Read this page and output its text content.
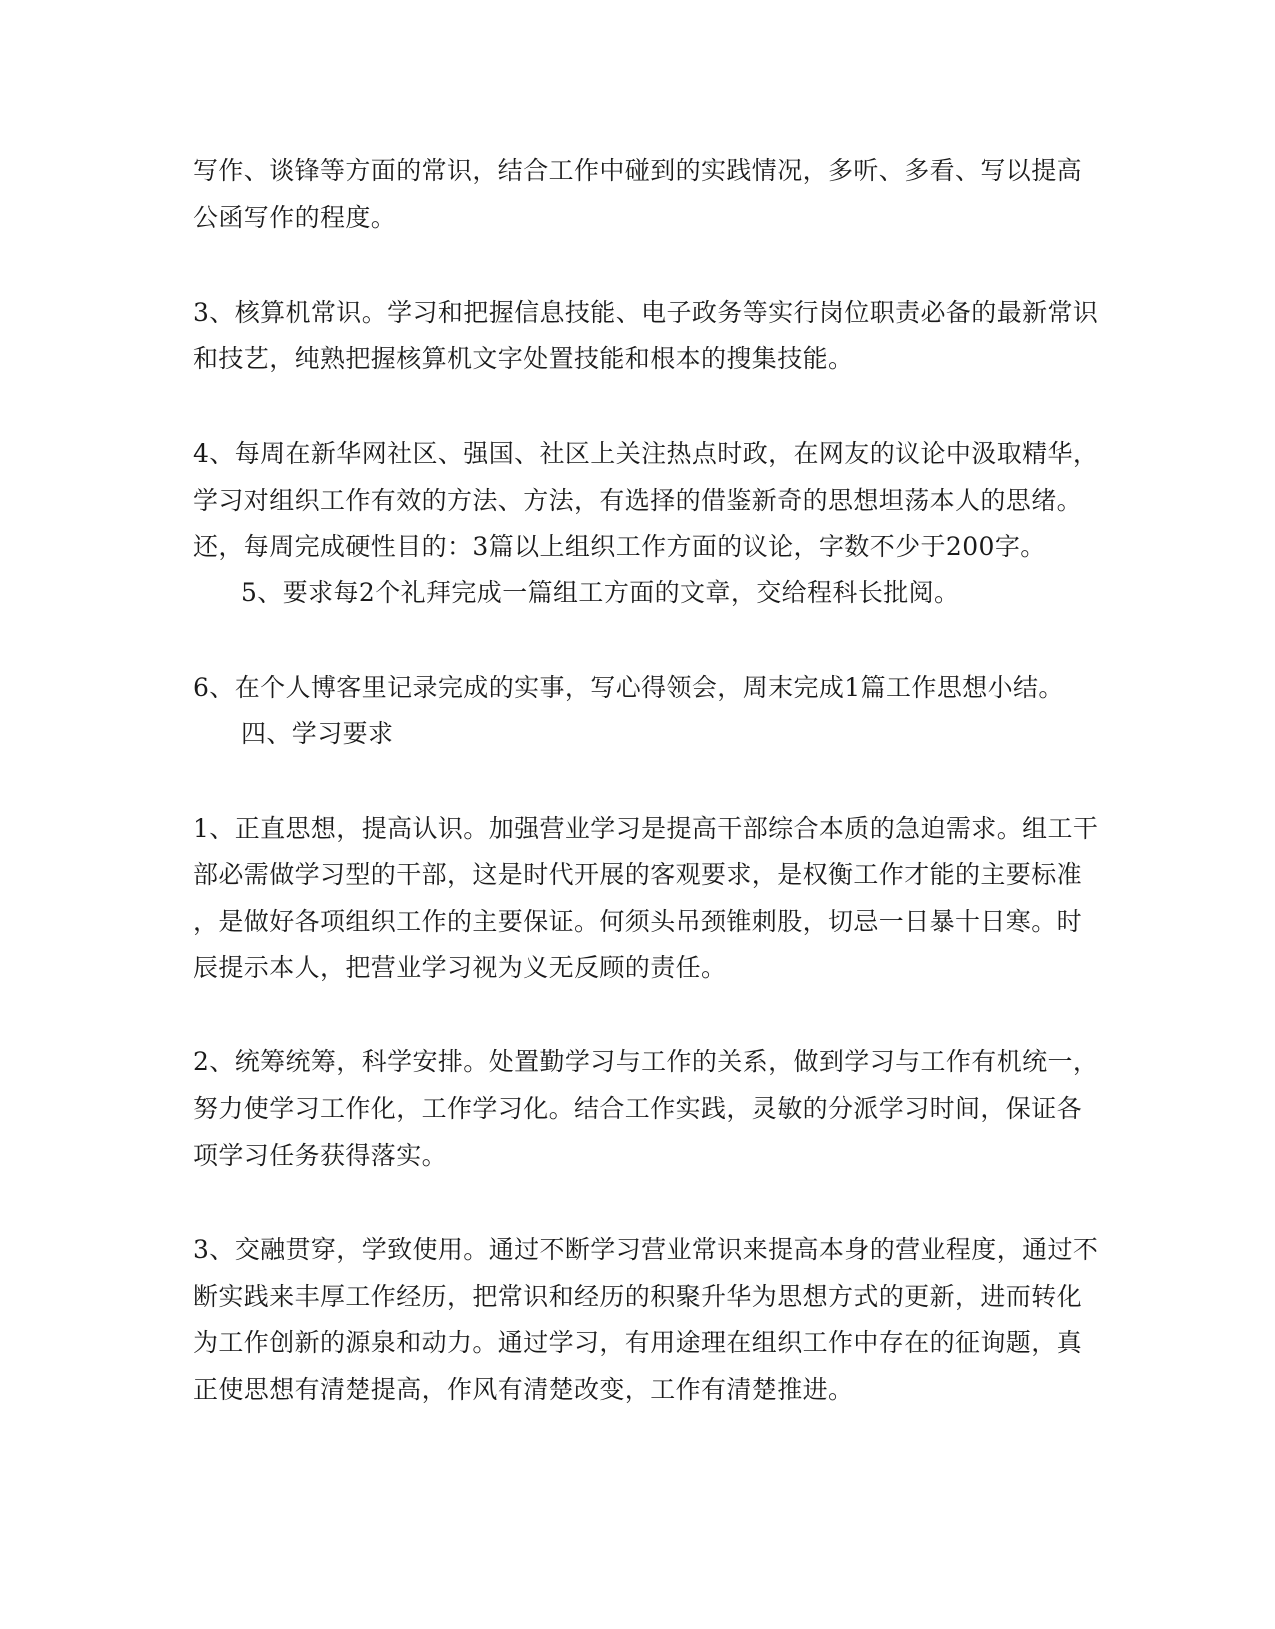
写作、谈锋等方面的常识，结合工作中碰到的实践情况，多听、多看、写以提高
公函写作的程度。
3、核算机常识。学习和把握信息技能、电子政务等实行岗位职责必备的最新常识
和技艺，纯熟把握核算机文字处置技能和根本的搜集技能。
4、每周在新华网社区、强国、社区上关注热点时政，在网友的议论中汲取精华，
学习对组织工作有效的方法、方法，有选择的借鉴新奇的思想坦荡本人的思绪。
还，每周完成硬性目的：3篇以上组织工作方面的议论，字数不少于200字。
5、要求每2个礼拜完成一篇组工方面的文章，交给程科长批阅。
6、在个人博客里记录完成的实事，写心得领会，周末完成1篇工作思想小结。
四、学习要求
1、正直思想，提高认识。加强营业学习是提高干部综合本质的急迫需求。组工干
部必需做学习型的干部，这是时代开展的客观要求，是权衡工作才能的主要标准
，是做好各项组织工作的主要保证。何须头吊颈锥刺股，切忌一日暴十日寒。时
辰提示本人，把营业学习视为义无反顾的责任。
2、统筹统筹，科学安排。处置勤学习与工作的关系，做到学习与工作有机统一，
努力使学习工作化，工作学习化。结合工作实践，灵敏的分派学习时间，保证各
项学习任务获得落实。
3、交融贯穿，学致使用。通过不断学习营业常识来提高本身的营业程度，通过不
断实践来丰厚工作经历，把常识和经历的积聚升华为思想方式的更新，进而转化
为工作创新的源泉和动力。通过学习，有用途理在组织工作中存在的征询题，真
正使思想有清楚提高，作风有清楚改变，工作有清楚推进。
